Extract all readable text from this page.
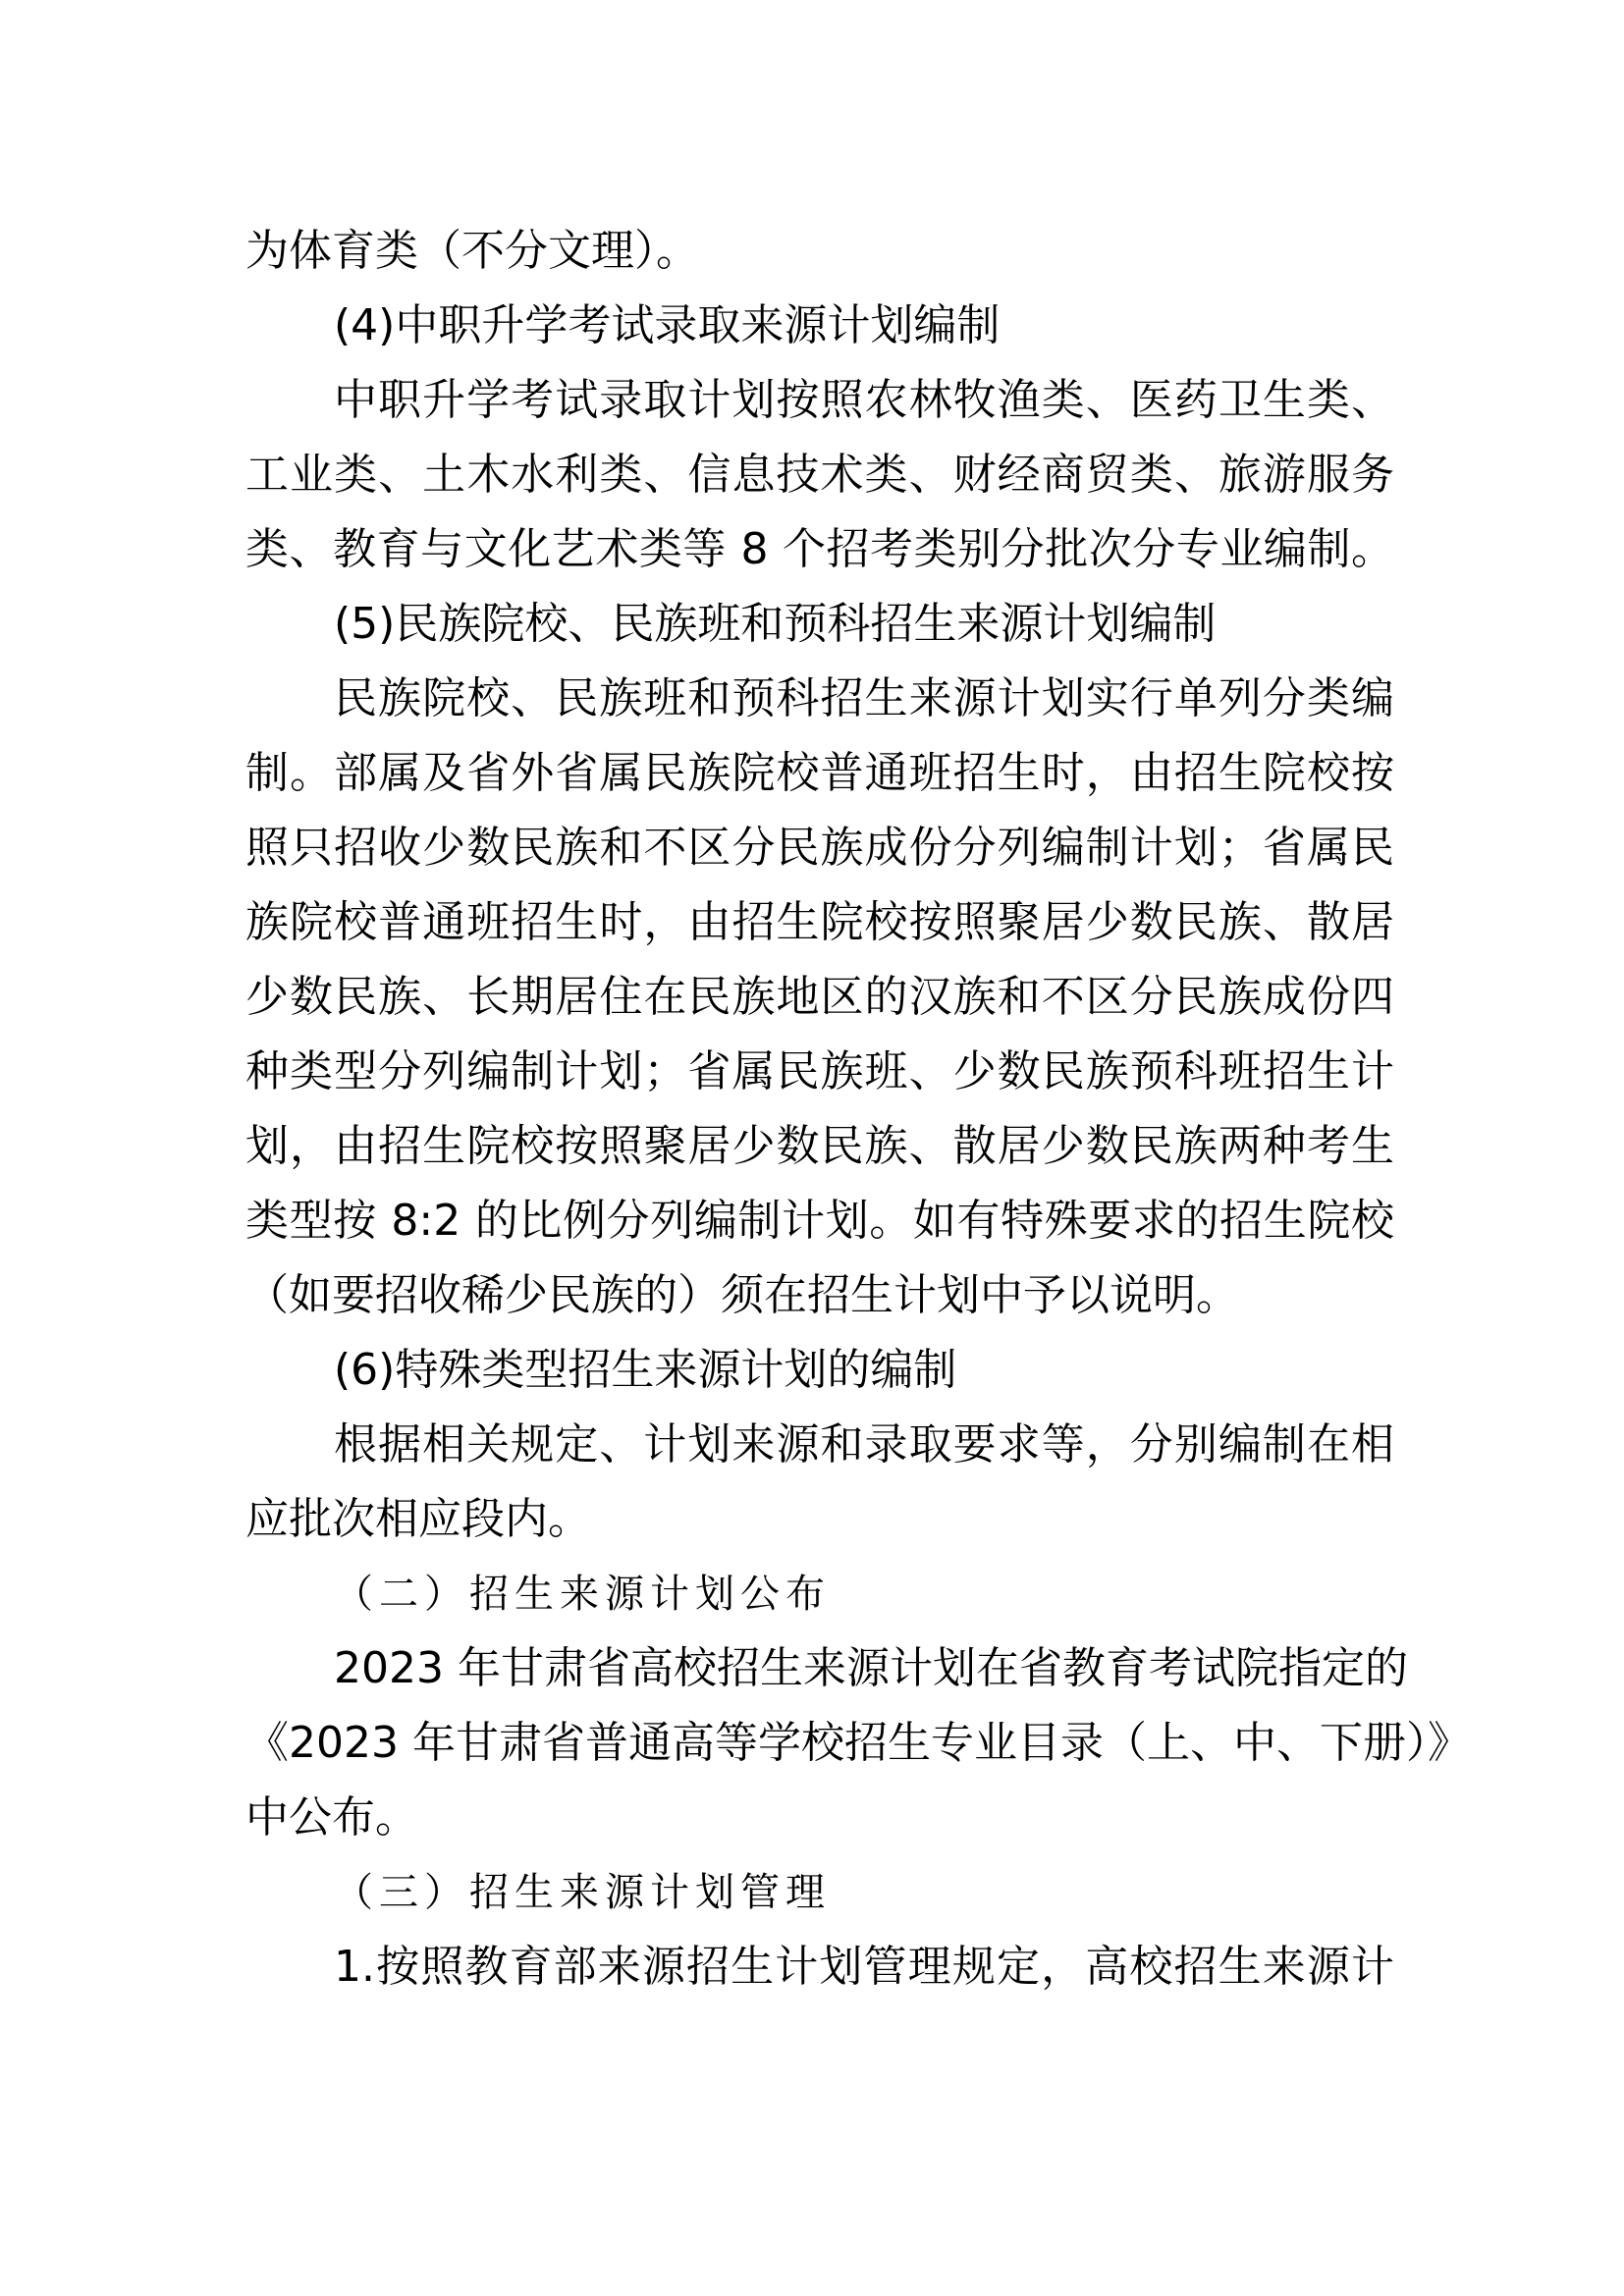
为体育类（不分文理）。

(4)中职升学考试录取来源计划编制

中职升学考试录取计划按照农林牧渔类、医药卫生类、

工业类、土木水利类、信息技术类、财经商贸类、旅游服务

类、教育与文化艺术类等 8 个招考类别分批次分专业编制。

(5)民族院校、民族班和预科招生来源计划编制

民族院校、民族班和预科招生来源计划实行单列分类编

制。部属及省外省属民族院校普通班招生时，由招生院校按

照只招收少数民族和不区分民族成份分列编制计划；省属民

族院校普通班招生时，由招生院校按照聚居少数民族、散居

少数民族、长期居住在民族地区的汉族和不区分民族成份四

种类型分列编制计划；省属民族班、少数民族预科班招生计

划，由招生院校按照聚居少数民族、散居少数民族两种考生

类型按 8:2 的比例分列编制计划。如有特殊要求的招生院校

（如要招收稀少民族的）须在招生计划中予以说明。

(6)特殊类型招生来源计划的编制

根据相关规定、计划来源和录取要求等，分别编制在相

应批次相应段内。

（二）招生来源计划公布

2023 年甘肃省高校招生来源计划在省教育考试院指定的

《2023 年甘肃省普通高等学校招生专业目录（上、中、下册）》

中公布。

（三）招生来源计划管理

1.按照教育部来源招生计划管理规定，高校招生来源计
